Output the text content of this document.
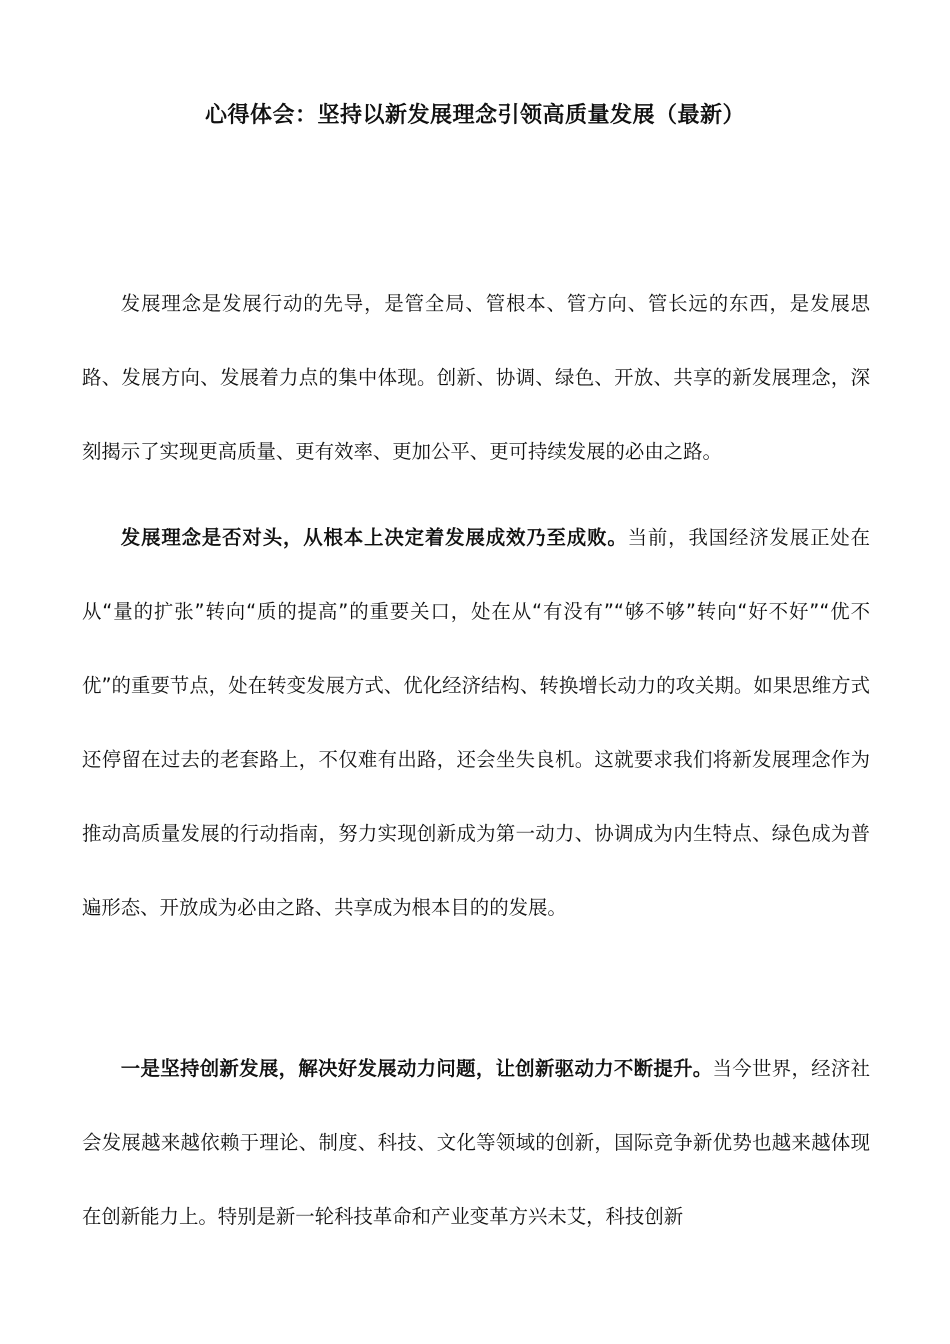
心得体会：坚持以新发展理念引领高质量发展（最新）

发展理念是发展行动的先导，是管全局、管根本、管方向、管长远的东西，是发展思路、发展方向、发展着力点的集中体现。创新、协调、绿色、开放、共享的新发展理念，深刻揭示了实现更高质量、更有效率、更加公平、更可持续发展的必由之路。

发展理念是否对头，从根本上决定着发展成效乃至成败。当前，我国经济发展正处在从“量的扩张”转向“质的提高”的重要关口，处在从“有没有”“够不够”转向“好不好”“优不优”的重要节点，处在转变发展方式、优化经济结构、转换增长动力的攻关期。如果思维方式还停留在过去的老套路上，不仅难有出路，还会坐失良机。这就要求我们将新发展理念作为推动高质量发展的行动指南，努力实现创新成为第一动力、协调成为内生特点、绿色成为普遍形态、开放成为必由之路、共享成为根本目的的发展。

一是坚持创新发展，解决好发展动力问题，让创新驱动力不断提升。当今世界，经济社会发展越来越依赖于理论、制度、科技、文化等领域的创新，国际竞争新优势也越来越体现在创新能力上。特别是新一轮科技革命和产业变革方兴未艾，科技创新
